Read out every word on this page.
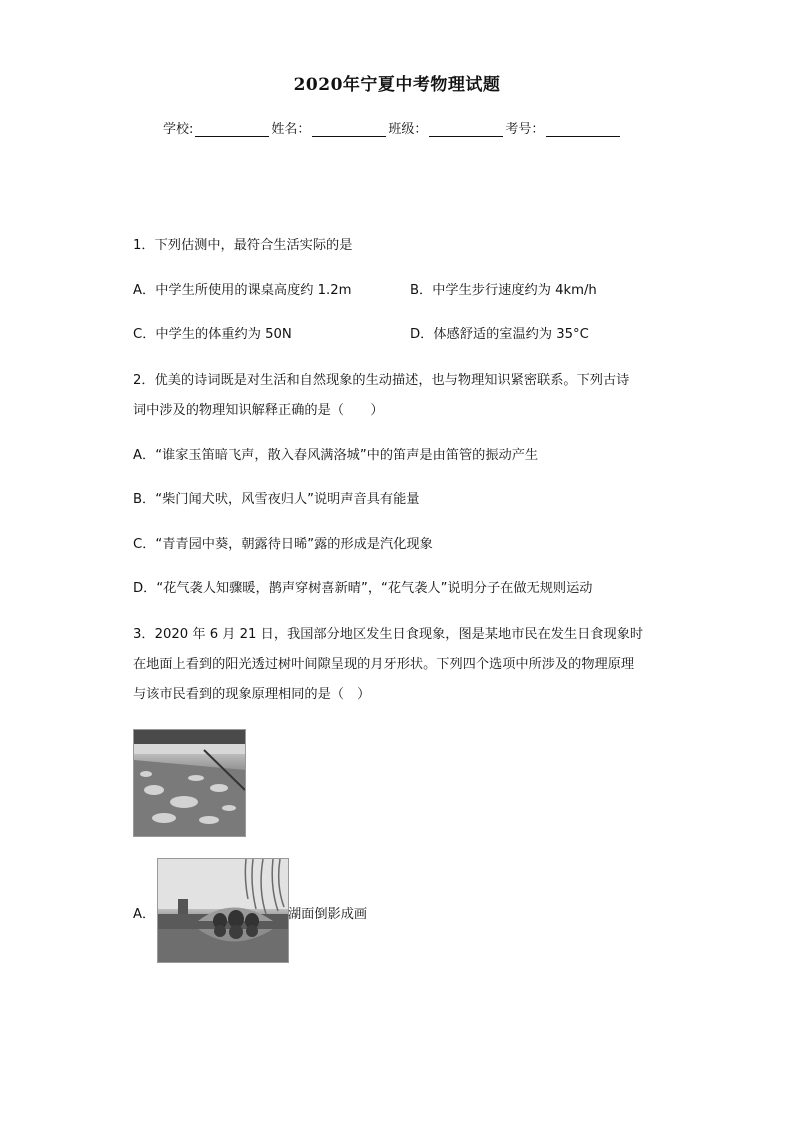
2020年宁夏中考物理试题
学校:	姓名：	班级：	考号：
1．下列估测中，最符合生活实际的是
A．中学生所使用的课桌高度约 1.2m	B．中学生步行速度约为 4km/h
C．中学生的体重约为 50N	D．体感舒适的室温约为 35°C
2．优美的诗词既是对生活和自然现象的生动描述，也与物理知识紧密联系。下列古诗
词中涉及的物理知识解释正确的是（　　）
A．“谁家玉笛暗飞声，散入春风满洛城”中的笛声是由笛管的振动产生
B．“柴门闻犬吠，风雪夜归人”说明声音具有能量
C．“青青园中葵，朝露待日晞”露的形成是汽化现象
D．“花气袭人知骤暖，鹊声穿树喜新晴”，“花气袭人”说明分子在做无规则运动
3．2020 年 6 月 21 日，我国部分地区发生日食现象，图是某地市民在发生日食现象时
在地面上看到的阳光透过树叶间隙呈现的月牙形状。下列四个选项中所涉及的物理原理
与该市民看到的现象原理相同的是（　）
A．	湖面倒影成画
